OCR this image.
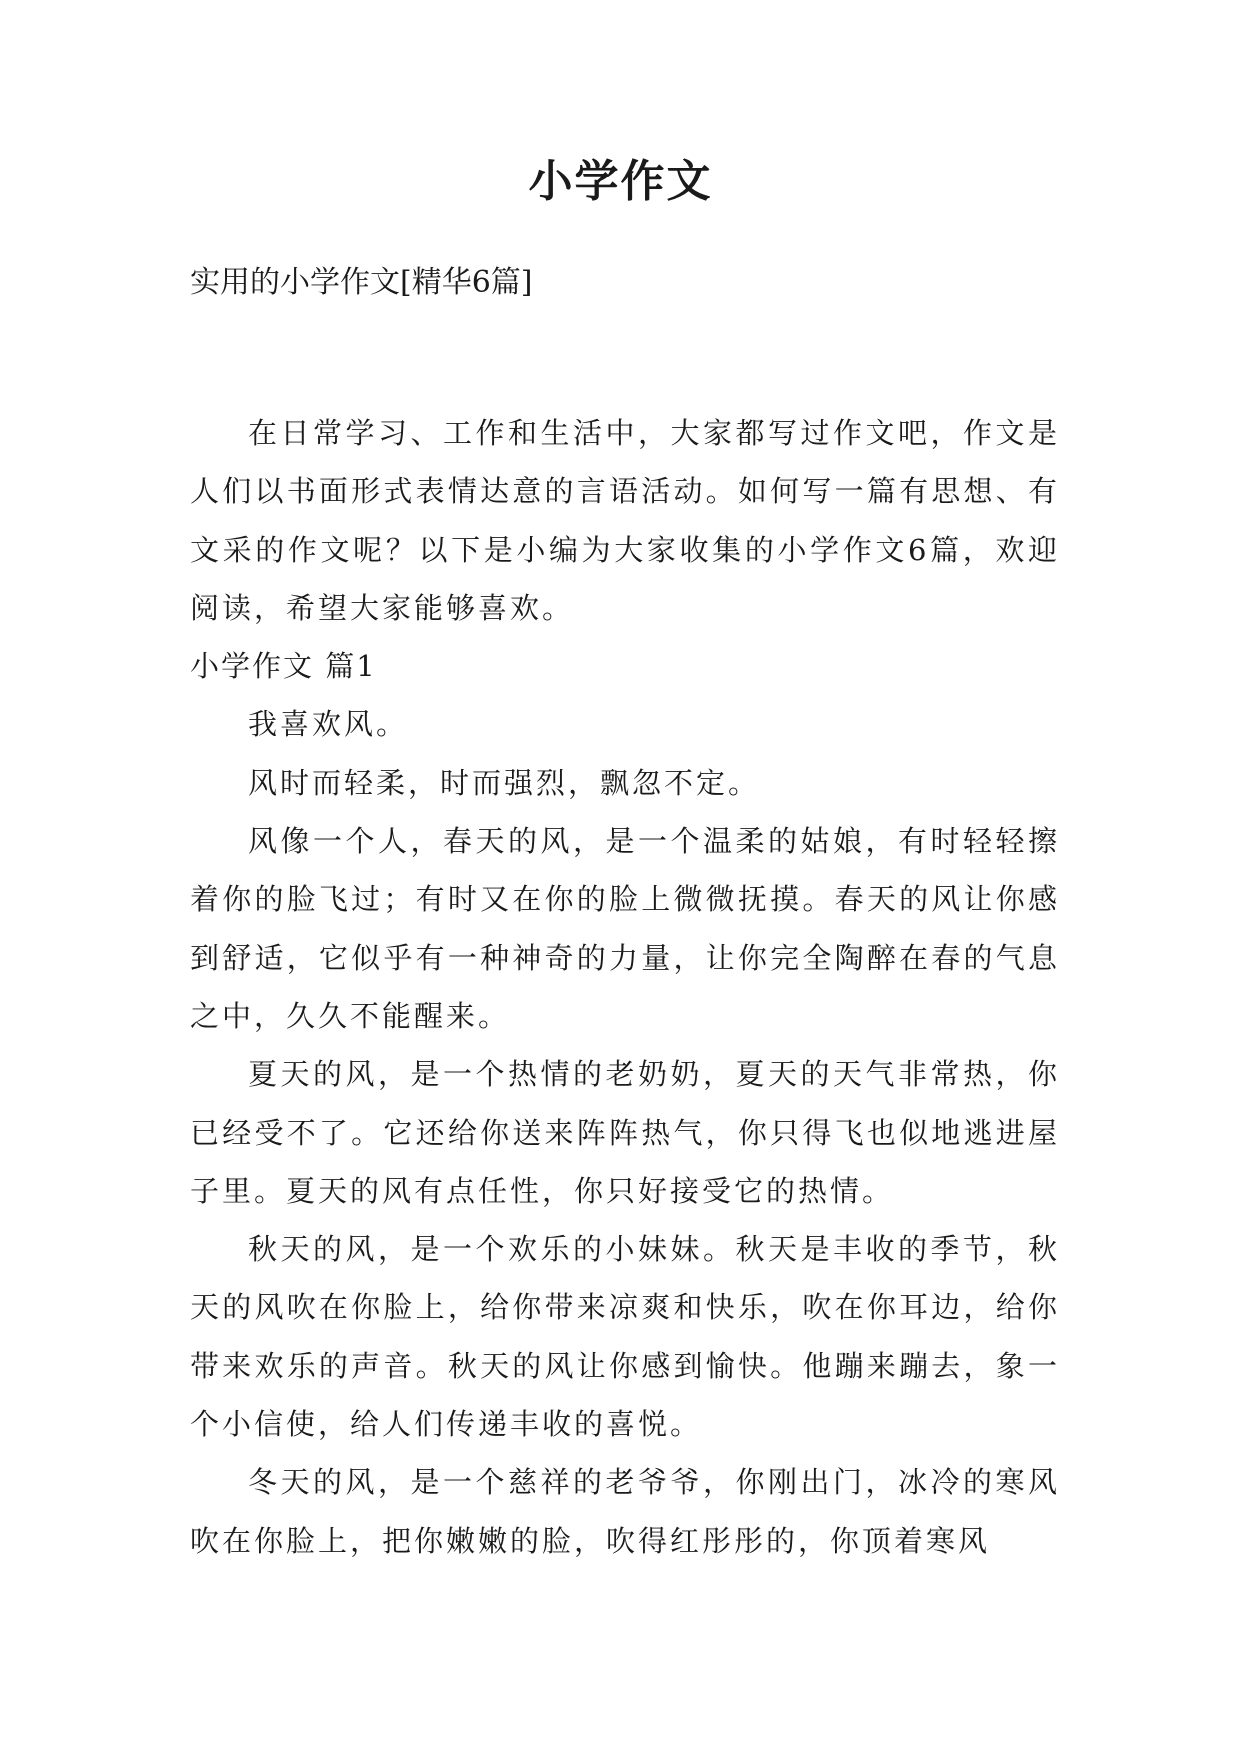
小学作文

实用的小学作文[精华6篇]

在日常学习、工作和生活中，大家都写过作文吧，作文是人们以书面形式表情达意的言语活动。如何写一篇有思想、有文采的作文呢？以下是小编为大家收集的小学作文6篇，欢迎阅读，希望大家能够喜欢。

小学作文 篇1

我喜欢风。

风时而轻柔，时而强烈，飘忽不定。

风像一个人，春天的风，是一个温柔的姑娘，有时轻轻擦着你的脸飞过；有时又在你的脸上微微抚摸。春天的风让你感到舒适，它似乎有一种神奇的力量，让你完全陶醉在春的气息之中，久久不能醒来。

夏天的风，是一个热情的老奶奶，夏天的天气非常热，你已经受不了。它还给你送来阵阵热气，你只得飞也似地逃进屋子里。夏天的风有点任性，你只好接受它的热情。

秋天的风，是一个欢乐的小妹妹。秋天是丰收的季节，秋天的风吹在你脸上，给你带来凉爽和快乐，吹在你耳边，给你带来欢乐的声音。秋天的风让你感到愉快。他蹦来蹦去，象一个小信使，给人们传递丰收的喜悦。

冬天的风，是一个慈祥的老爷爷，你刚出门，冰冷的寒风吹在你脸上，把你嫩嫩的脸，吹得红彤彤的，你顶着寒风
